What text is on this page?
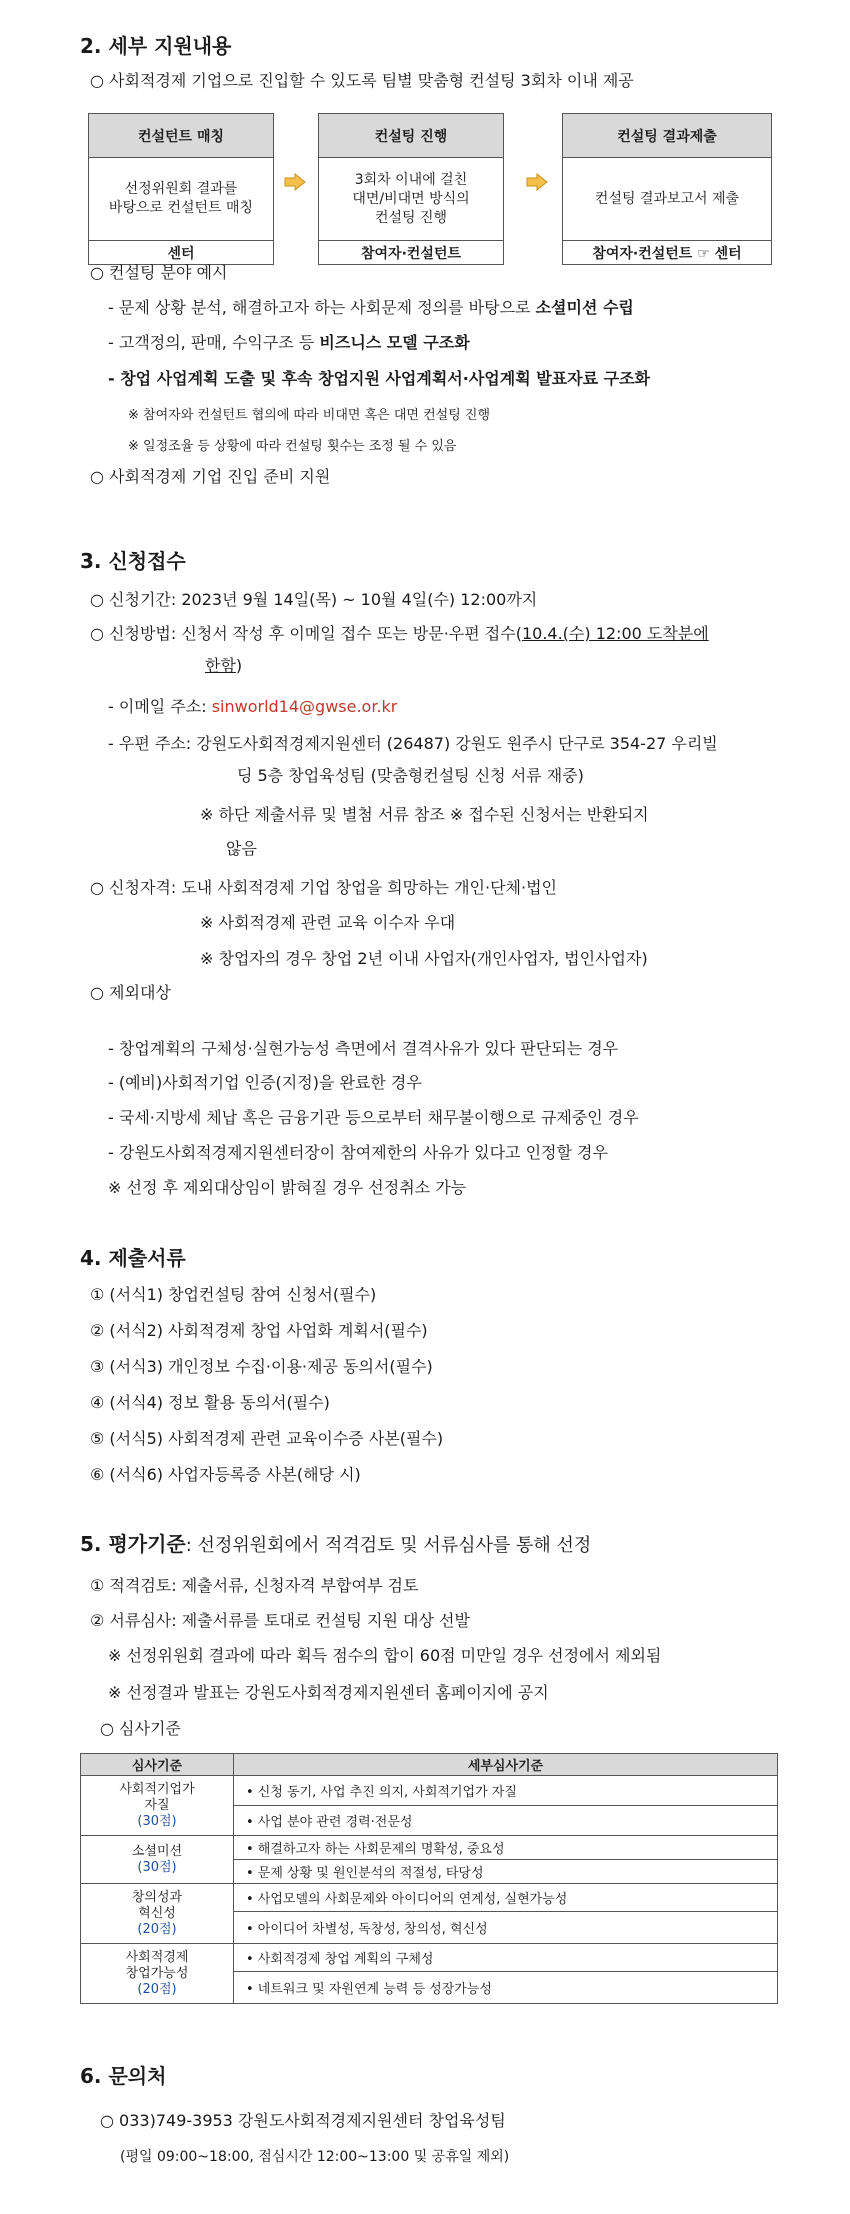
2. 세부 지원내용
○ 사회적경제 기업으로 진입할 수 있도록 팀별 맞춤형 컨설팅 3회차 이내 제공
컨설턴트 매칭
선정위원회 결과를
바탕으로 컨설턴트 매칭
센터
컨설팅 진행
3회차 이내에 걸친
대면/비대면 방식의
컨설팅 진행
참여자·컨설턴트
컨설팅 결과제출
컨설팅 결과보고서 제출
참여자·컨설턴트 ☞ 센터
○ 컨설팅 분야 예시
- 문제 상황 분석, 해결하고자 하는 사회문제 정의를 바탕으로 소셜미션 수립
- 고객정의, 판매, 수익구조 등 비즈니스 모델 구조화
- 창업 사업계획 도출 및 후속 창업지원 사업계획서·사업계획 발표자료 구조화
※ 참여자와 컨설턴트 협의에 따라 비대면 혹은 대면 컨설팅 진행
※ 일정조율 등 상황에 따라 컨설팅 횟수는 조정 될 수 있음
○ 사회적경제 기업 진입 준비 지원
3. 신청접수
○ 신청기간: 2023년 9월 14일(목) ~ 10월 4일(수) 12:00까지
○ 신청방법: 신청서 작성 후 이메일 접수 또는 방문·우편 접수(10.4.(수) 12:00 도착분에
한함)
- 이메일 주소: sinworld14@gwse.or.kr
- 우편 주소: 강원도사회적경제지원센터 (26487) 강원도 원주시 단구로 354-27 우리빌
딩 5층 창업육성팀 (맞춤형컨설팅 신청 서류 재중)
※ 하단 제출서류 및 별첨 서류 참조 ※ 접수된 신청서는 반환되지
않음
○ 신청자격: 도내 사회적경제 기업 창업을 희망하는 개인·단체·법인
※ 사회적경제 관련 교육 이수자 우대
※ 창업자의 경우 창업 2년 이내 사업자(개인사업자, 법인사업자)
○ 제외대상
- 창업계획의 구체성·실현가능성 측면에서 결격사유가 있다 판단되는 경우
- (예비)사회적기업 인증(지정)을 완료한 경우
- 국세·지방세 체납 혹은 금융기관 등으로부터 채무불이행으로 규제중인 경우
- 강원도사회적경제지원센터장이 참여제한의 사유가 있다고 인정할 경우
※ 선정 후 제외대상임이 밝혀질 경우 선정취소 가능
4. 제출서류
① (서식1) 창업컨설팅 참여 신청서(필수)
② (서식2) 사회적경제 창업 사업화 계획서(필수)
③ (서식3) 개인정보 수집·이용·제공 동의서(필수)
④ (서식4) 정보 활용 동의서(필수)
⑤ (서식5) 사회적경제 관련 교육이수증 사본(필수)
⑥ (서식6) 사업자등록증 사본(해당 시)
5. 평가기준: 선정위원회에서 적격검토 및 서류심사를 통해 선정
① 적격검토: 제출서류, 신청자격 부합여부 검토
② 서류심사: 제출서류를 토대로 컨설팅 지원 대상 선발
※ 선정위원회 결과에 따라 획득 점수의 합이 60점 미만일 경우 선정에서 제외됨
※ 선정결과 발표는 강원도사회적경제지원센터 홈페이지에 공지
○ 심사기준
심사기준	세부심사기준

사회적기업가
자질
(30점)	• 신청 동기, 사업 추진 의지, 사회적기업가 자질
	• 사업 분야 관련 경력·전문성

소셜미션
(30점)	• 해결하고자 하는 사회문제의 명확성, 중요성
	• 문제 상황 및 원인분석의 적절성, 타당성

창의성과
혁신성
(20점)	• 사업모델의 사회문제와 아이디어의 연계성, 실현가능성
	• 아이디어 차별성, 독창성, 창의성, 혁신성

사회적경제
창업가능성
(20점)	• 사회적경제 창업 계획의 구체성
	• 네트워크 및 자원연계 능력 등 성장가능성
6. 문의처
○ 033)749-3953 강원도사회적경제지원센터 창업육성팀
(평일 09:00~18:00, 점심시간 12:00~13:00 및 공휴일 제외)
